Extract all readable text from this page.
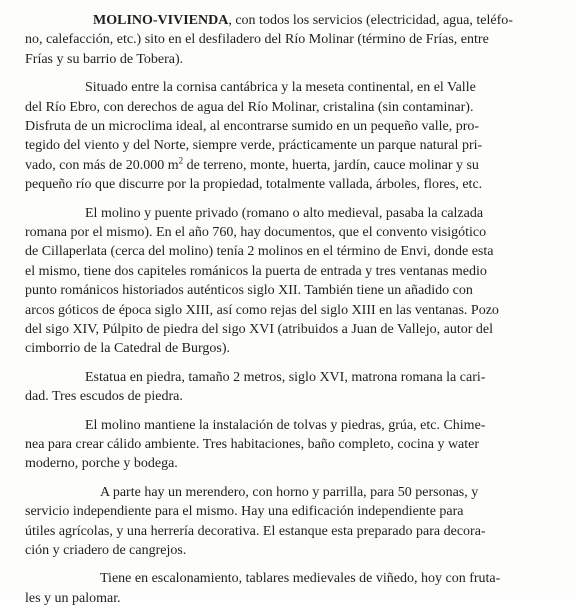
MOLINO-VIVIENDA, con todos los servicios (electricidad, agua, teléfo-
no, calefacción, etc.) sito en el desfiladero del Río Molinar (término de Frías, entre
Frías y su barrio de Tobera).
Situado entre la cornisa cantábrica y la meseta continental, en el Valle
del Río Ebro, con derechos de agua del Río Molinar, cristalina (sin contaminar).
Disfruta de un microclima ideal, al encontrarse sumido en un pequeño valle, pro-
tegido del viento y del Norte, siempre verde, prácticamente un parque natural pri-
vado, con más de 20.000 $m^2$ de terreno, monte, huerta, jardín, cauce molinar y su
pequeño río que discurre por la propiedad, totalmente vallada, árboles, flores, etc.
El molino y puente privado (romano o alto medieval, pasaba la calzada
romana por el mismo). En el año 760, hay documentos, que el convento visigótico
de Cillaperlata (cerca del molino) tenía 2 molinos en el término de Envi, donde esta
el mismo, tiene dos capiteles románicos la puerta de entrada y tres ventanas medio
punto románicos historiados auténticos siglo XII. También tiene un añadido con
arcos góticos de época siglo XIII, así como rejas del siglo XIII en las ventanas. Pozo
del sigo XIV, Púlpito de piedra del sigo XVI (atribuidos a Juan de Vallejo, autor del
cimborrio de la Catedral de Burgos).
Estatua en piedra, tamaño 2 metros, siglo XVI, matrona romana la cari-
dad. Tres escudos de piedra.
El molino mantiene la instalación de tolvas y piedras, grúa, etc. Chime-
nea para crear cálido ambiente. Tres habitaciones, baño completo, cocina y water
moderno, porche y bodega.
A parte hay un merendero, con horno y parrilla, para 50 personas, y
servicio independiente para el mismo. Hay una edificación independiente para
útiles agrícolas, y una herrería decorativa. El estanque esta preparado para decora-
ción y criadero de cangrejos.
Tiene en escalonamiento, tablares medievales de viñedo, hoy con fruta-
les y un palomar.
